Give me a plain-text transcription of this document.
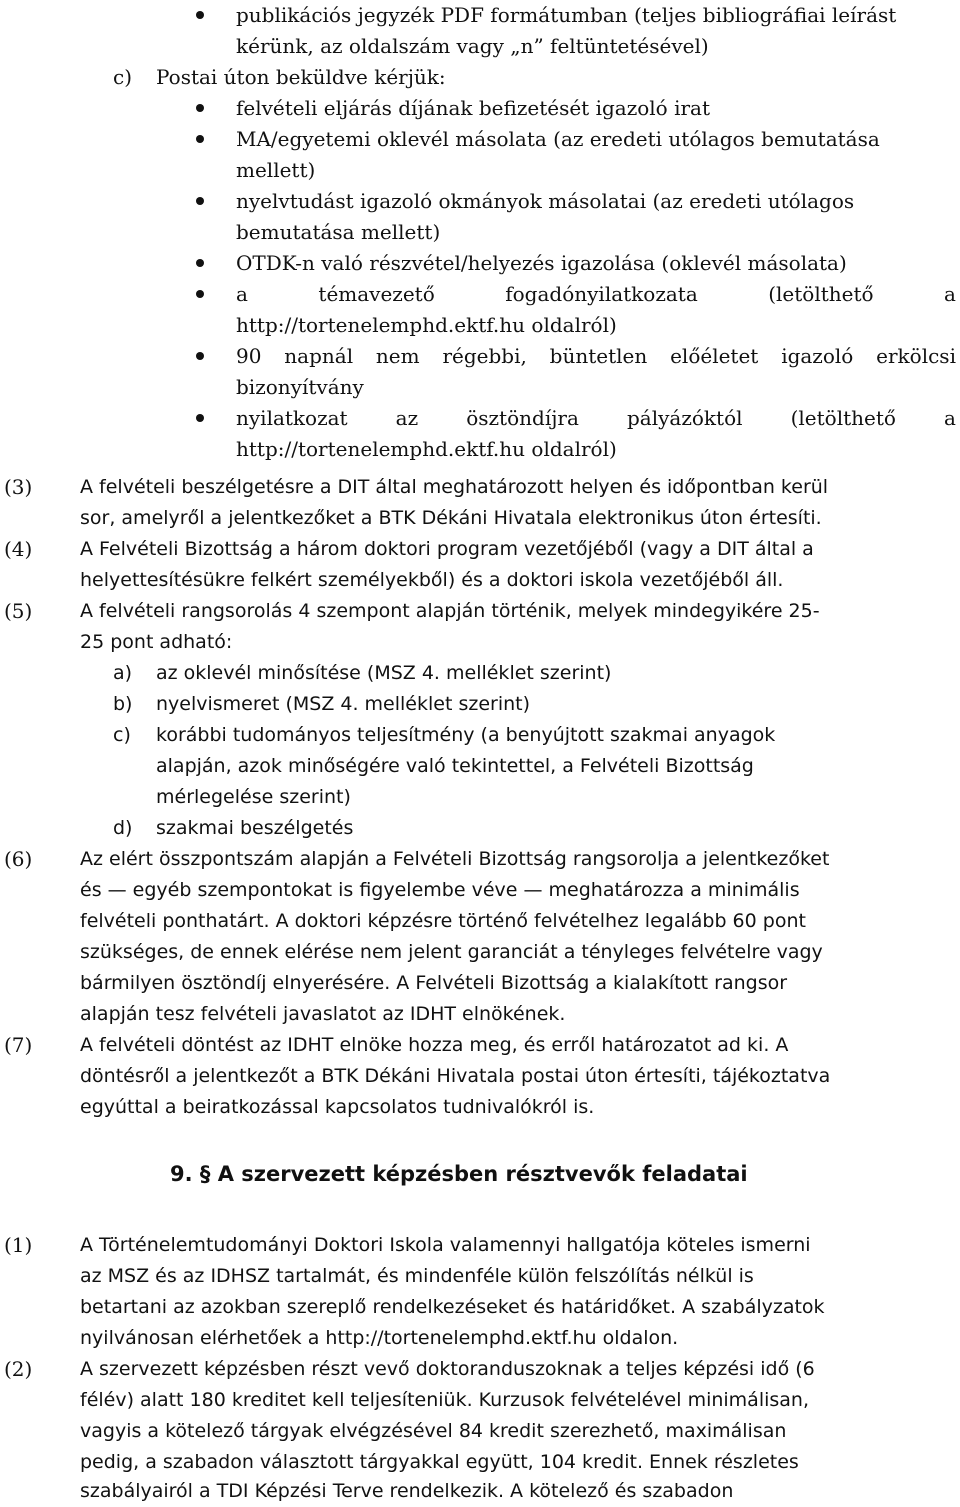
publikációs jegyzék PDF formátumban (teljes bibliográfiai leírást
kérünk, az oldalszám vagy „n” feltüntetésével)
c) Postai úton beküldve kérjük:
felvételi eljárás díjának befizetését igazoló irat
MA/egyetemi oklevél másolata (az eredeti utólagos bemutatása
mellett)
nyelvtudást igazoló okmányok másolatai (az eredeti utólagos
bemutatása mellett)
OTDK-n való részvétel/helyezés igazolása (oklevél másolata)
a	témavezető	fogadónyilatkozata	(letölthető	a
http://tortenelemphd.ektf.hu oldalról)
90 napnál nem régebbi, büntetlen előéletet igazoló erkölcsi
bizonyítvány
nyilatkozat az ösztöndíjra pályázóktól (letölthető a
http://tortenelemphd.ektf.hu oldalról)
(3)	A felvételi beszélgetésre a DIT által meghatározott helyen és időpontban kerül
sor, amelyről a jelentkezőket a BTK Dékáni Hivatala elektronikus úton értesíti.
(4)	A Felvételi Bizottság a három doktori program vezetőjéből (vagy a DIT által a
helyettesítésükre felkért személyekből) és a doktori iskola vezetőjéből áll.
(5)	A felvételi rangsorolás 4 szempont alapján történik, melyek mindegyikére 25-
25 pont adható:
a) az oklevél minősítése (MSZ 4. melléklet szerint)
b) nyelvismeret (MSZ 4. melléklet szerint)
c) korábbi tudományos teljesítmény (a benyújtott szakmai anyagok
alapján, azok minőségére való tekintettel, a Felvételi Bizottság
mérlegelése szerint)
d) szakmai beszélgetés
(6)	Az elért összpontszám alapján a Felvételi Bizottság rangsorolja a jelentkezőket
és — egyéb szempontokat is figyelembe véve — meghatározza a minimális
felvételi ponthatárt. A doktori képzésre történő felvételhez legalább 60 pont
szükséges, de ennek elérése nem jelent garanciát a tényleges felvételre vagy
bármilyen ösztöndíj elnyerésére. A Felvételi Bizottság a kialakított rangsor
alapján tesz felvételi javaslatot az IDHT elnökének.
(7)	A felvételi döntést az IDHT elnöke hozza meg, és erről határozatot ad ki. A
döntésről a jelentkezőt a BTK Dékáni Hivatala postai úton értesíti, tájékoztatva
egyúttal a beiratkozással kapcsolatos tudnivalókról is.
9. § A szervezett képzésben résztvevők feladatai
(1)	A Történelemtudományi Doktori Iskola valamennyi hallgatója köteles ismerni
az MSZ és az IDHSZ tartalmát, és mindenféle külön felszólítás nélkül is
betartani az azokban szereplő rendelkezéseket és határidőket. A szabályzatok
nyilvánosan elérhetőek a http://tortenelemphd.ektf.hu oldalon.
(2)	A szervezett képzésben részt vevő doktoranduszoknak a teljes képzési idő (6
félév) alatt 180 kreditet kell teljesíteniük. Kurzusok felvételével minimálisan,
vagyis a kötelező tárgyak elvégzésével 84 kredit szerezhető, maximálisan
pedig, a szabadon választott tárgyakkal együtt, 104 kredit. Ennek részletes
szabályairól a TDI Képzési Terve rendelkezik. A kötelező és szabadon
